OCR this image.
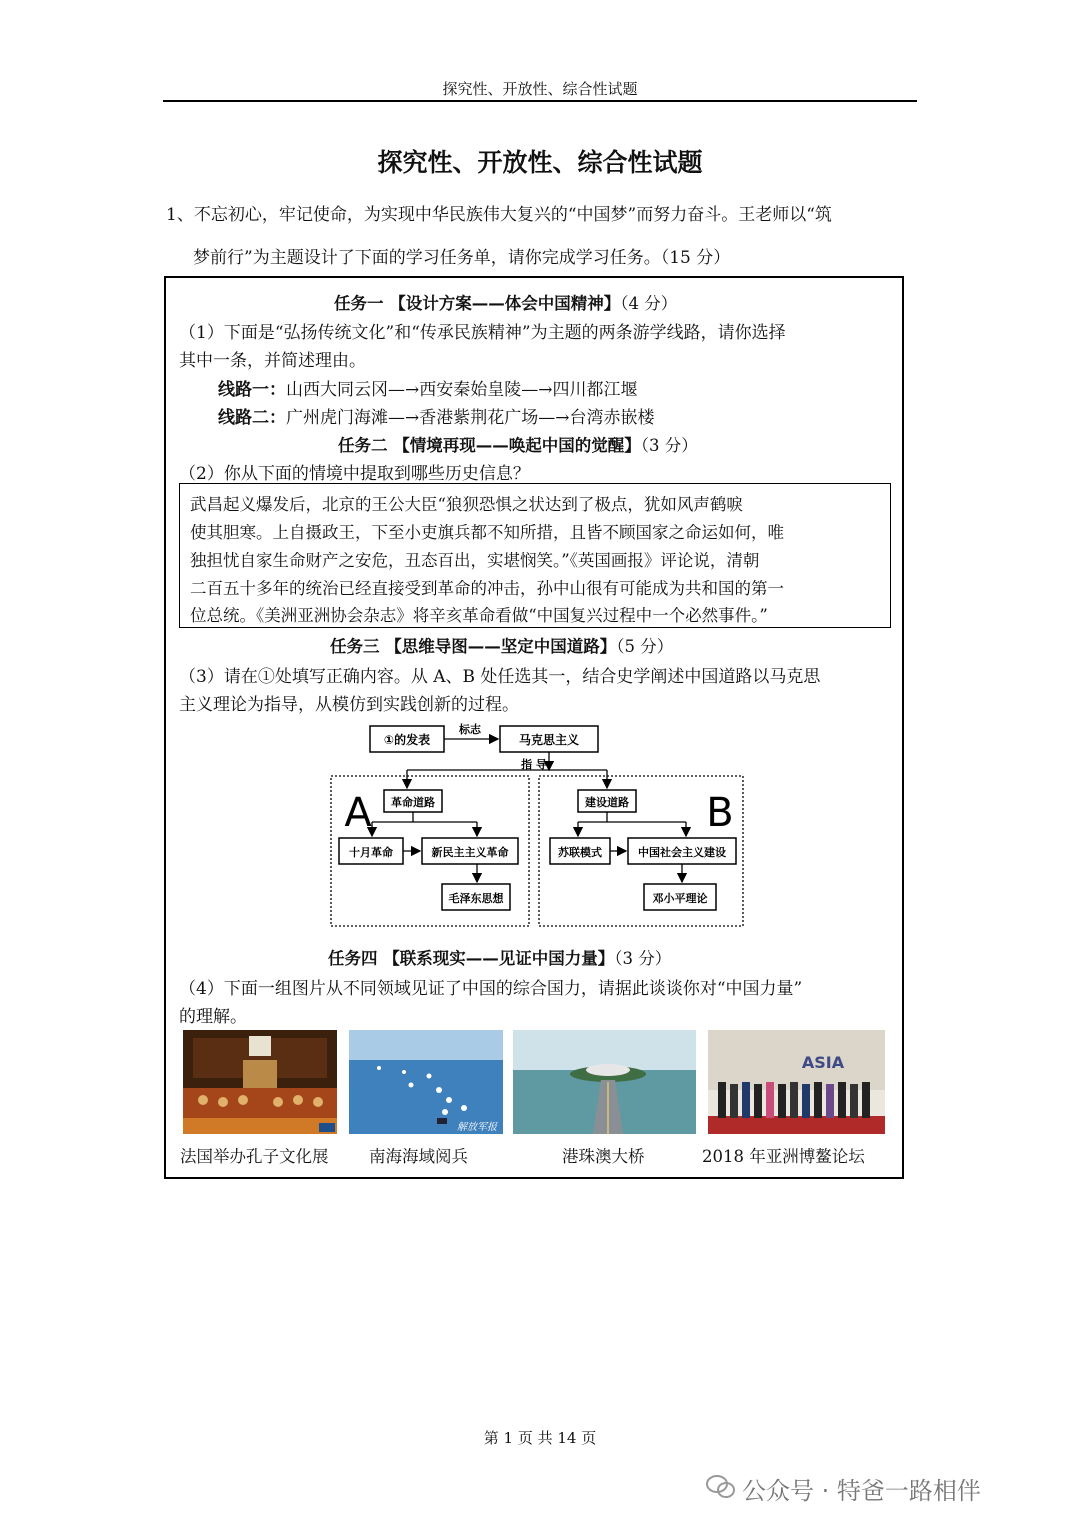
探究性、开放性、综合性试题
探究性、开放性、综合性试题
1、不忘初心，牢记使命，为实现中华民族伟大复兴的“中国梦”而努力奋斗。王老师以“筑
梦前行”为主题设计了下面的学习任务单，请你完成学习任务。（15 分）
任务一 【设计方案——体会中国精神】（4 分）
（1）下面是“弘扬传统文化”和“传承民族精神”为主题的两条游学线路，请你选择
其中一条，并简述理由。
线路一：山西大同云冈—→西安秦始皇陵—→四川都江堰
线路二：广州虎门海滩—→香港紫荆花广场—→台湾赤嵌楼
任务二 【情境再现——唤起中国的觉醒】（3 分）
（2）你从下面的情境中提取到哪些历史信息？
武昌起义爆发后，北京的王公大臣“狼狈恐惧之状达到了极点，犹如风声鹤唳
使其胆寒。上自摄政王，下至小吏旗兵都不知所措，且皆不顾国家之命运如何，唯
独担忧自家生命财产之安危，丑态百出，实堪悯笑。”《英国画报》评论说，清朝
二百五十多年的统治已经直接受到革命的冲击，孙中山很有可能成为共和国的第一
位总统。《美洲亚洲协会杂志》将辛亥革命看做“中国复兴过程中一个必然事件。”
任务三 【思维导图——坚定中国道路】（5 分）
（3）请在①处填写正确内容。从 A、B 处任选其一，结合史学阐述中国道路以马克思
主义理论为指导，从模仿到实践创新的过程。
①的发表
标志
马克思主义
指 导
A 革命道路
十月革命	新民主主义革命
毛泽东思想
建设道路 B
苏联模式	中国社会主义建设
邓小平理论
任务四 【联系现实——见证中国力量】（3 分）
（4）下面一组图片从不同领域见证了中国的综合国力，请据此谈谈你对“中国力量”
的理解。
解放军报
ASIA
法国举办孔子文化展 南海海域阅兵	港珠澳大桥	2018 年亚洲博鳌论坛
第 1 页 共 14 页
公众号 · 特爸一路相伴
